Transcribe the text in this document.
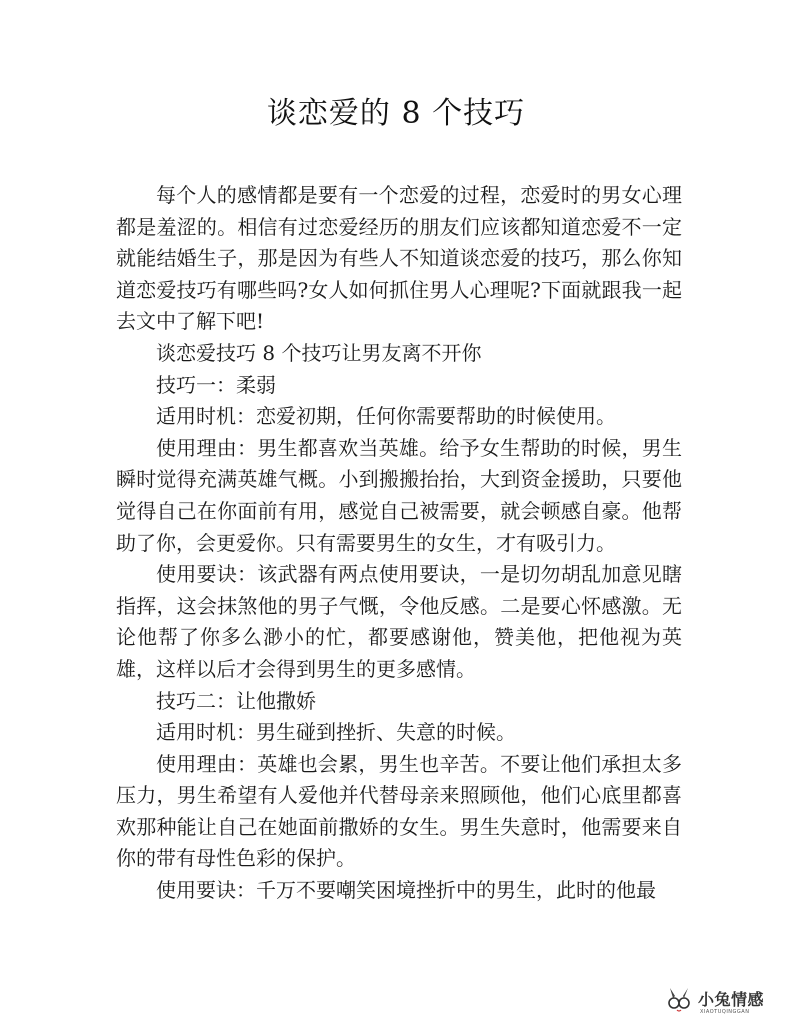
谈恋爱的 8 个技巧

每个人的感情都是要有一个恋爱的过程，恋爱时的男女心理都是羞涩的。相信有过恋爱经历的朋友们应该都知道恋爱不一定就能结婚生子，那是因为有些人不知道谈恋爱的技巧，那么你知道恋爱技巧有哪些吗?女人如何抓住男人心理呢?下面就跟我一起去文中了解下吧!

谈恋爱技巧 8 个技巧让男友离不开你

技巧一：柔弱

适用时机：恋爱初期，任何你需要帮助的时候使用。

使用理由：男生都喜欢当英雄。给予女生帮助的时候，男生瞬时觉得充满英雄气概。小到搬搬抬抬，大到资金援助，只要他觉得自己在你面前有用，感觉自己被需要，就会顿感自豪。他帮助了你，会更爱你。只有需要男生的女生，才有吸引力。

使用要诀：该武器有两点使用要诀，一是切勿胡乱加意见瞎指挥，这会抹煞他的男子气慨，令他反感。二是要心怀感激。无论他帮了你多么渺小的忙，都要感谢他，赞美他，把他视为英雄，这样以后才会得到男生的更多感情。

技巧二：让他撒娇

适用时机：男生碰到挫折、失意的时候。

使用理由：英雄也会累，男生也辛苦。不要让他们承担太多压力，男生希望有人爱他并代替母亲来照顾他，他们心底里都喜欢那种能让自己在她面前撒娇的女生。男生失意时，他需要来自你的带有母性色彩的保护。

使用要诀：千万不要嘲笑困境挫折中的男生，此时的他最

小兔情感
XIAOTUQINGGAN
